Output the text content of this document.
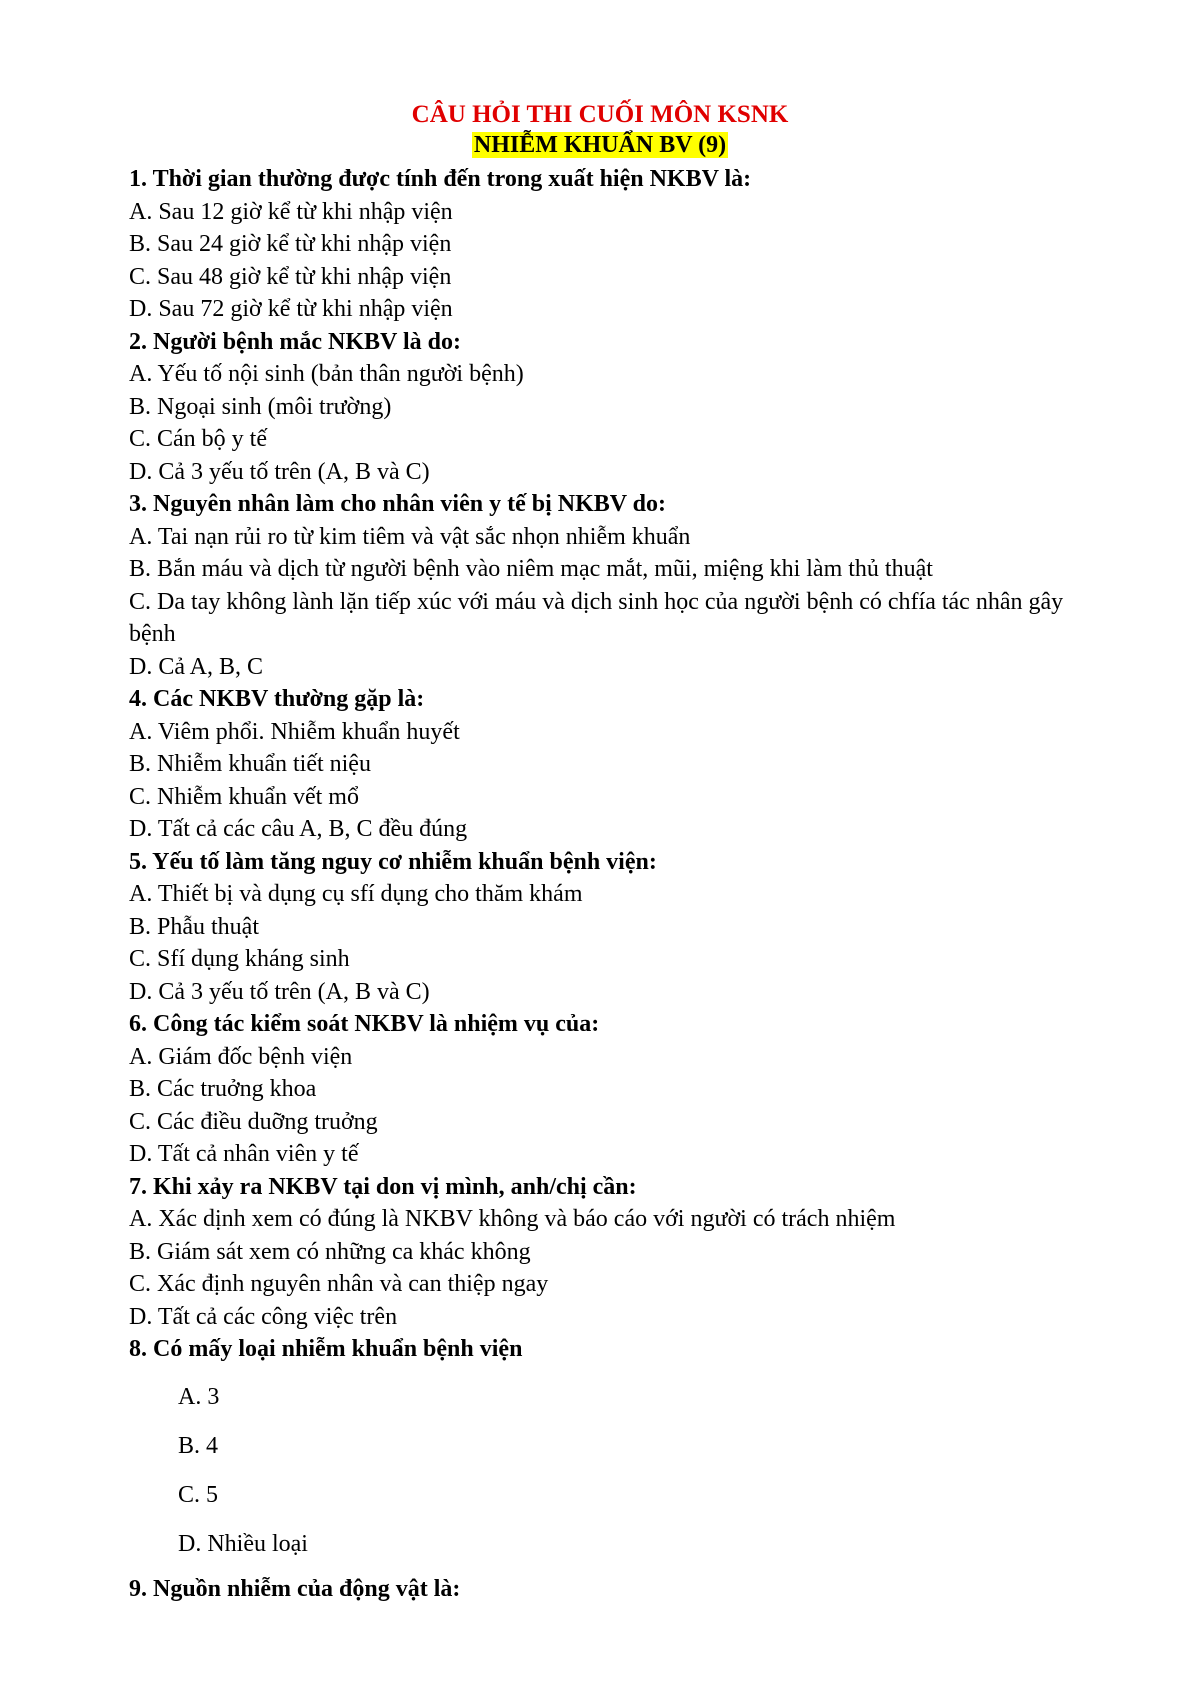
CÂU HỎI THI CUỐI MÔN KSNK
NHIỄM KHUẨN BV (9)
1. Thời gian thường được tính đến trong xuất hiện NKBV là:
A. Sau 12 giờ kể từ khi nhập viện
B. Sau 24 giờ kể từ khi nhập viện
C. Sau 48 giờ kể từ khi nhập viện
D. Sau 72 giờ kể từ khi nhập viện
2. Người bệnh mắc NKBV là do:
A. Yếu tố nội sinh (bản thân người bệnh)
B. Ngoại sinh (môi trường)
C. Cán bộ y tế
D. Cả 3 yếu tố trên (A, B và C)
3. Nguyên nhân làm cho nhân viên y tế bị NKBV do:
A. Tai nạn rủi ro từ kim tiêm và vật sắc nhọn nhiễm khuẩn
B. Bắn máu và dịch từ người bệnh vào niêm mạc mắt, mũi, miệng khi làm thủ thuật
C. Da tay không lành lặn tiếp xúc với máu và dịch sinh học của người bệnh có chfía tác nhân gây bệnh
D. Cả A, B, C
4. Các NKBV thường gặp là:
A. Viêm phổi. Nhiễm khuẩn huyết
B. Nhiễm khuẩn tiết niệu
C. Nhiễm khuẩn vết mổ
D. Tất cả các câu A, B, C đều đúng
5. Yếu tố làm tăng nguy cơ nhiễm khuẩn bệnh viện:
A. Thiết bị và dụng cụ sfí dụng cho thăm khám
B. Phẫu thuật
C. Sfí dụng kháng sinh
D. Cả 3 yếu tố trên (A, B và C)
6. Công tác kiểm soát NKBV là nhiệm vụ của:
A. Giám đốc bệnh viện
B. Các truởng khoa
C. Các điều duỡng truởng
D. Tất cả nhân viên y tế
7. Khi xảy ra NKBV tại don vị mình, anh/chị cần:
A. Xác dịnh xem có đúng là NKBV không và báo cáo với người có trách nhiệm
B. Giám sát xem có những ca khác không
C. Xác định nguyên nhân và can thiệp ngay
D. Tất cả các công việc trên
8. Có mấy loại nhiễm khuẩn bệnh viện
A. 3
B. 4
C. 5
D. Nhiều loại
9. Nguồn nhiễm của động vật là:
